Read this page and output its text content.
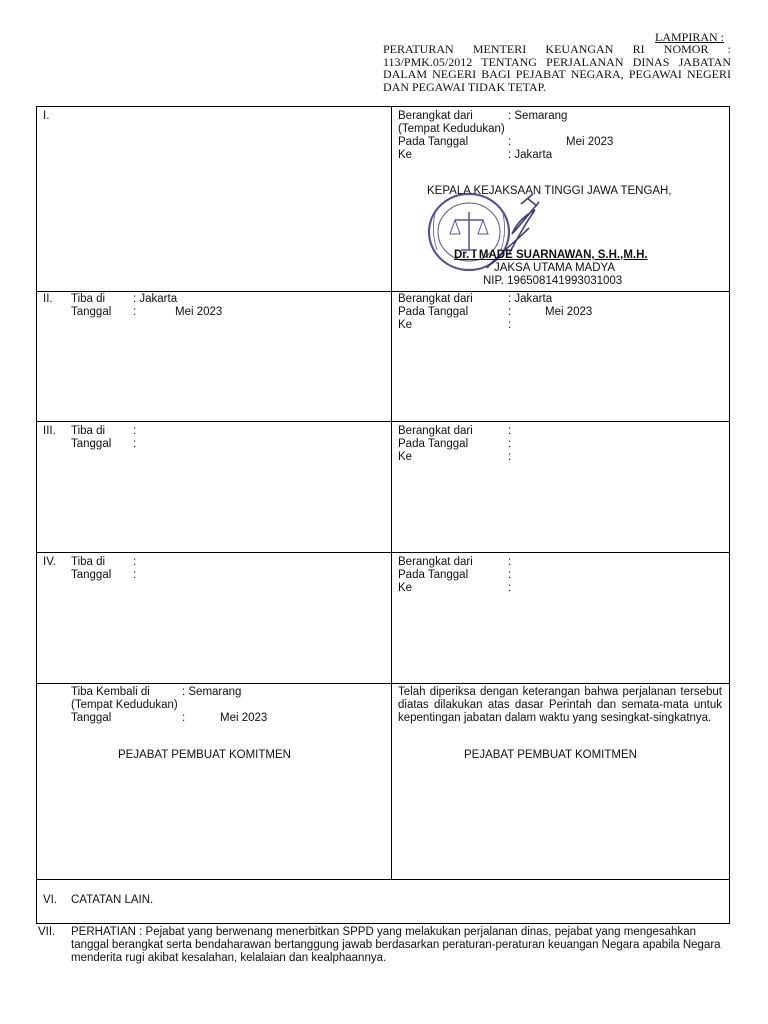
LAMPIRAN :
PERATURAN MENTERI KEUANGAN RI NOMOR : 113/PMK.05/2012 TENTANG PERJALANAN DINAS JABATAN DALAM NEGERI BAGI PEJABAT NEGARA, PEGAWAI NEGERI DAN PEGAWAI TIDAK TETAP.
I.	Berangkat dari	: Semarang
(Tempat Kedudukan)
Pada Tanggal	:	Mei 2023
Ke	: Jakarta
KEPALA KEJAKSAAN TINGGI JAWA TENGAH,
Dr. I MADE SUARNAWAN, S.H.,M.H.
JAKSA UTAMA MADYA
NIP. 196508141993031003
II. Tiba di : Jakarta
Tanggal :	Mei 2023
Berangkat dari	: Jakarta
Pada Tanggal	:	Mei 2023
Ke	:
III. Tiba di :
Tanggal :
Berangkat dari	:
Pada Tanggal	:
Ke	:
IV. Tiba di :
Tanggal :
Berangkat dari	:
Pada Tanggal	:
Ke	:
Tiba Kembali di	: Semarang
(Tempat Kedudukan)
Tanggal	:	Mei 2023
PEJABAT PEMBUAT KOMITMEN
Telah diperiksa dengan keterangan bahwa perjalanan tersebut diatas dilakukan atas dasar Perintah dan semata-mata untuk kepentingan jabatan dalam waktu yang sesingkat-singkatnya.
PEJABAT PEMBUAT KOMITMEN
VI. CATATAN LAIN.
VII. PERHATIAN : Pejabat yang berwenang menerbitkan SPPD yang melakukan perjalanan dinas, pejabat yang mengesahkan tanggal berangkat serta bendaharawan bertanggung jawab berdasarkan peraturan-peraturan keuangan Negara apabila Negara menderita rugi akibat kesalahan, kelalaian dan kealphaannya.
